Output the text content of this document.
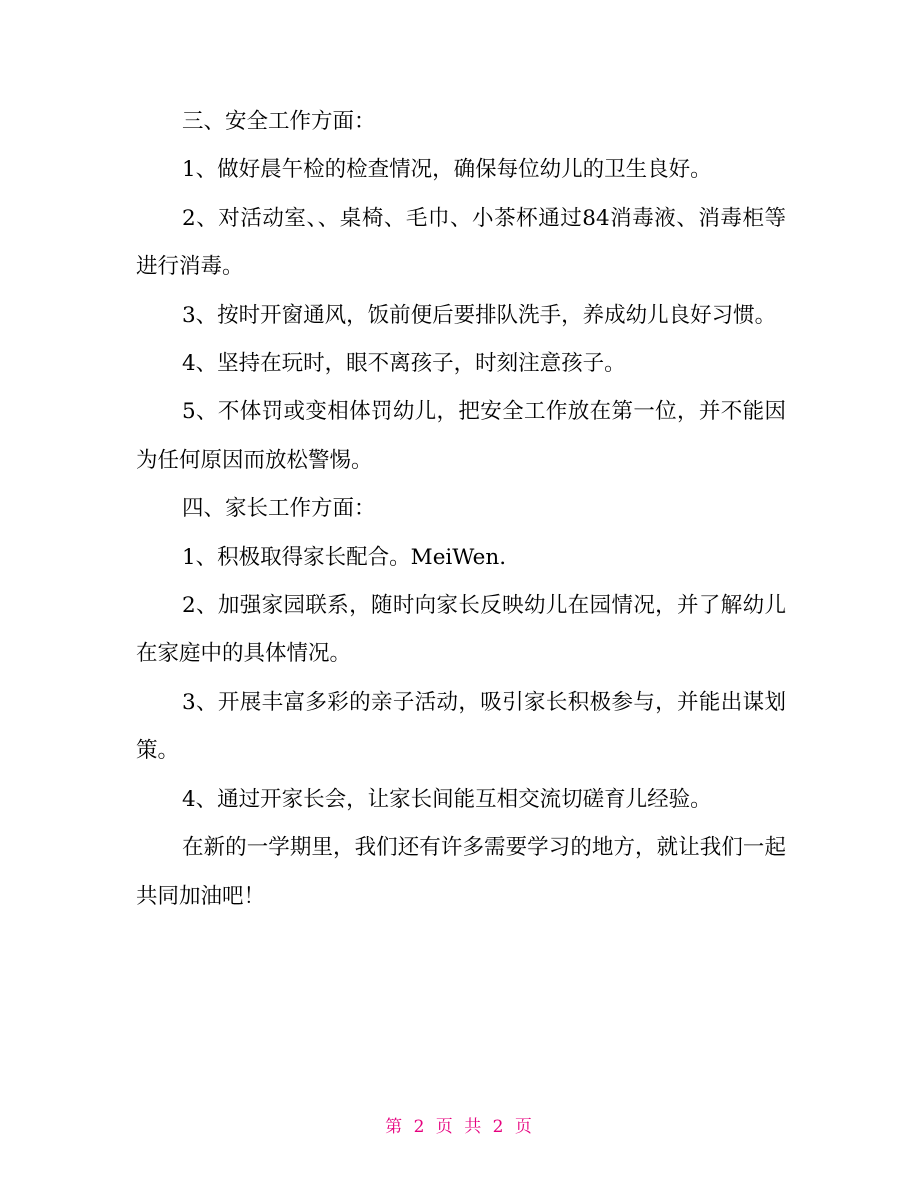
三、安全工作方面：

1、做好晨午检的检查情况，确保每位幼儿的卫生良好。

2、对活动室、、桌椅、毛巾、小茶杯通过84消毒液、消毒柜等进行消毒。

3、按时开窗通风，饭前便后要排队洗手，养成幼儿良好习惯。

4、坚持在玩时，眼不离孩子，时刻注意孩子。

5、不体罚或变相体罚幼儿，把安全工作放在第一位，并不能因为任何原因而放松警惕。

四、家长工作方面：

1、积极取得家长配合。MeiWen.

2、加强家园联系，随时向家长反映幼儿在园情况，并了解幼儿在家庭中的具体情况。

3、开展丰富多彩的亲子活动，吸引家长积极参与，并能出谋划策。

4、通过开家长会，让家长间能互相交流切磋育儿经验。

在新的一学期里，我们还有许多需要学习的地方，就让我们一起共同加油吧！

第 2 页 共 2 页
